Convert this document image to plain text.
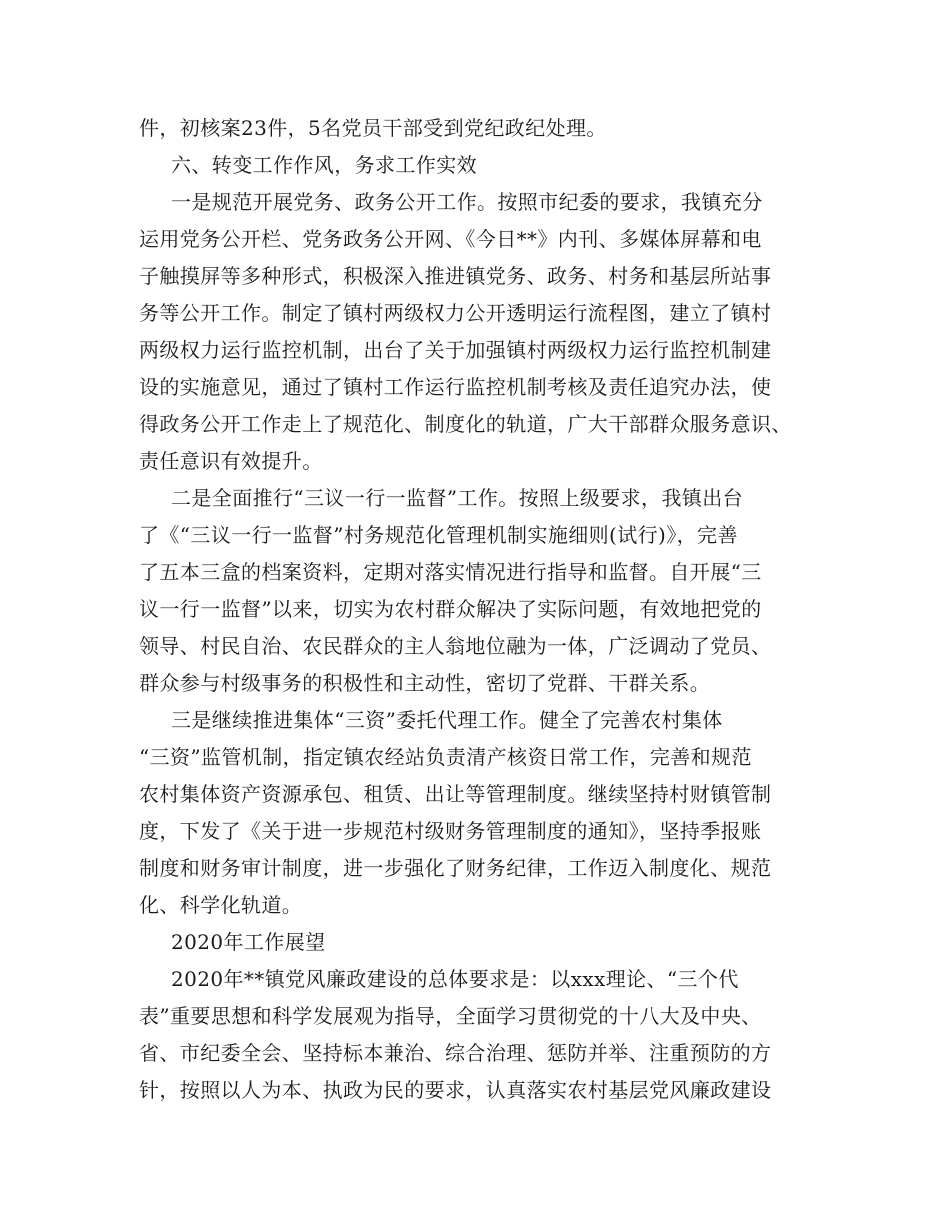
件，初核案23件，5名党员干部受到党纪政纪处理。
六、转变工作作风，务求工作实效
一是规范开展党务、政务公开工作。按照市纪委的要求，我镇充分
运用党务公开栏、党务政务公开网、《今日**》内刊、多媒体屏幕和电
子触摸屏等多种形式，积极深入推进镇党务、政务、村务和基层所站事
务等公开工作。制定了镇村两级权力公开透明运行流程图，建立了镇村
两级权力运行监控机制，出台了关于加强镇村两级权力运行监控机制建
设的实施意见，通过了镇村工作运行监控机制考核及责任追究办法，使
得政务公开工作走上了规范化、制度化的轨道，广大干部群众服务意识、
责任意识有效提升。
二是全面推行“三议一行一监督”工作。按照上级要求，我镇出台
了《“三议一行一监督”村务规范化管理机制实施细则(试行)》，完善
了五本三盒的档案资料，定期对落实情况进行指导和监督。自开展“三
议一行一监督”以来，切实为农村群众解决了实际问题，有效地把党的
领导、村民自治、农民群众的主人翁地位融为一体，广泛调动了党员、
群众参与村级事务的积极性和主动性，密切了党群、干群关系。
三是继续推进集体“三资”委托代理工作。健全了完善农村集体
“三资”监管机制，指定镇农经站负责清产核资日常工作，完善和规范
农村集体资产资源承包、租赁、出让等管理制度。继续坚持村财镇管制
度，下发了《关于进一步规范村级财务管理制度的通知》，坚持季报账
制度和财务审计制度，进一步强化了财务纪律，工作迈入制度化、规范
化、科学化轨道。
2020年工作展望
2020年**镇党风廉政建设的总体要求是：以xxx理论、“三个代
表”重要思想和科学发展观为指导，全面学习贯彻党的十八大及中央、
省、市纪委全会、坚持标本兼治、综合治理、惩防并举、注重预防的方
针，按照以人为本、执政为民的要求，认真落实农村基层党风廉政建设
